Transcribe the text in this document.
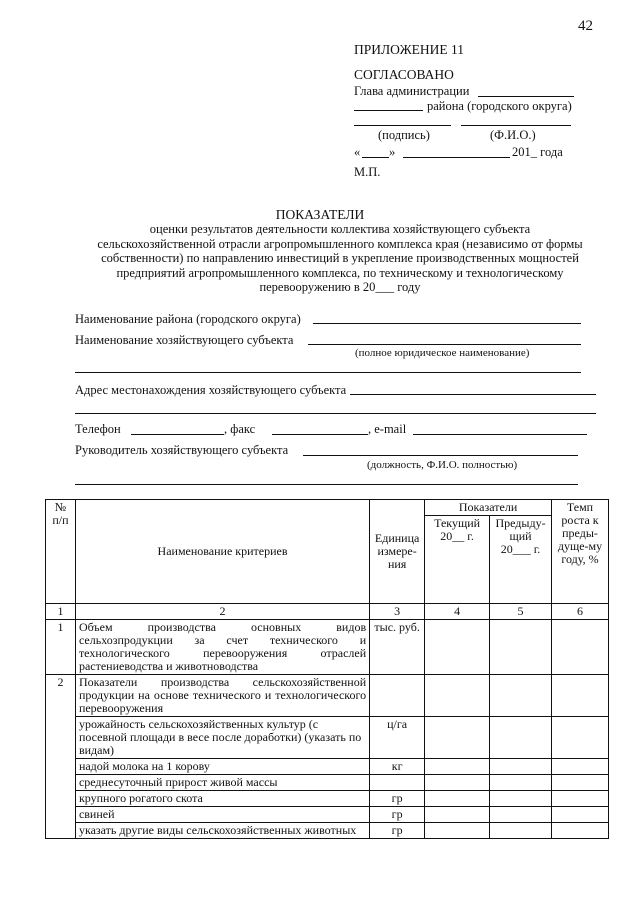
42
ПРИЛОЖЕНИЕ 11
СОГЛАСОВАНО
Глава администрации
района (городского округа)
(подпись)	(Ф.И.О.)
« »	201_ года
М.П.
ПОКАЗАТЕЛИ
оценки результатов деятельности коллектива хозяйствующего субъекта
сельскохозяйственной отрасли агропромышленного комплекса края (независимо от формы
собственности) по направлению инвестиций в укрепление производственных мощностей
предприятий агропромышленного комплекса, по техническому и технологическому
перевооружению в 20___ году
Наименование района (городского округа)
Наименование хозяйствующего субъекта
(полное юридическое наименование)
Адрес местонахождения хозяйствующего субъекта
Телефон	, факс	, e-mail
Руководитель хозяйствующего субъекта
(должность, Ф.И.О. полностью)
№ п/п	Наименование критериев	Единица измере-ния	Показатели		Темп роста к преды-дуще-му году, %
			Текущий 20__ г.	Предыду-щий 20___ г.	
1	2	3	4	5	6
1	Объем производства основных видов сельхозпродукции за счет технического и технологического перевооружения отраслей растениеводства и животноводства	тыс. руб.			
2	Показатели производства сельскохозяйственной продукции на основе технического и технологического перевооружения				
	урожайность сельскохозяйственных культур (с посевной площади в весе после доработки) (указать по видам)	ц/га			
	надой молока на 1 корову	кг			
	среднесуточный прирост живой массы				
	крупного рогатого скота	гр			
	свиней	гр			
	указать другие виды сельскохозяйственных животных	гр			
